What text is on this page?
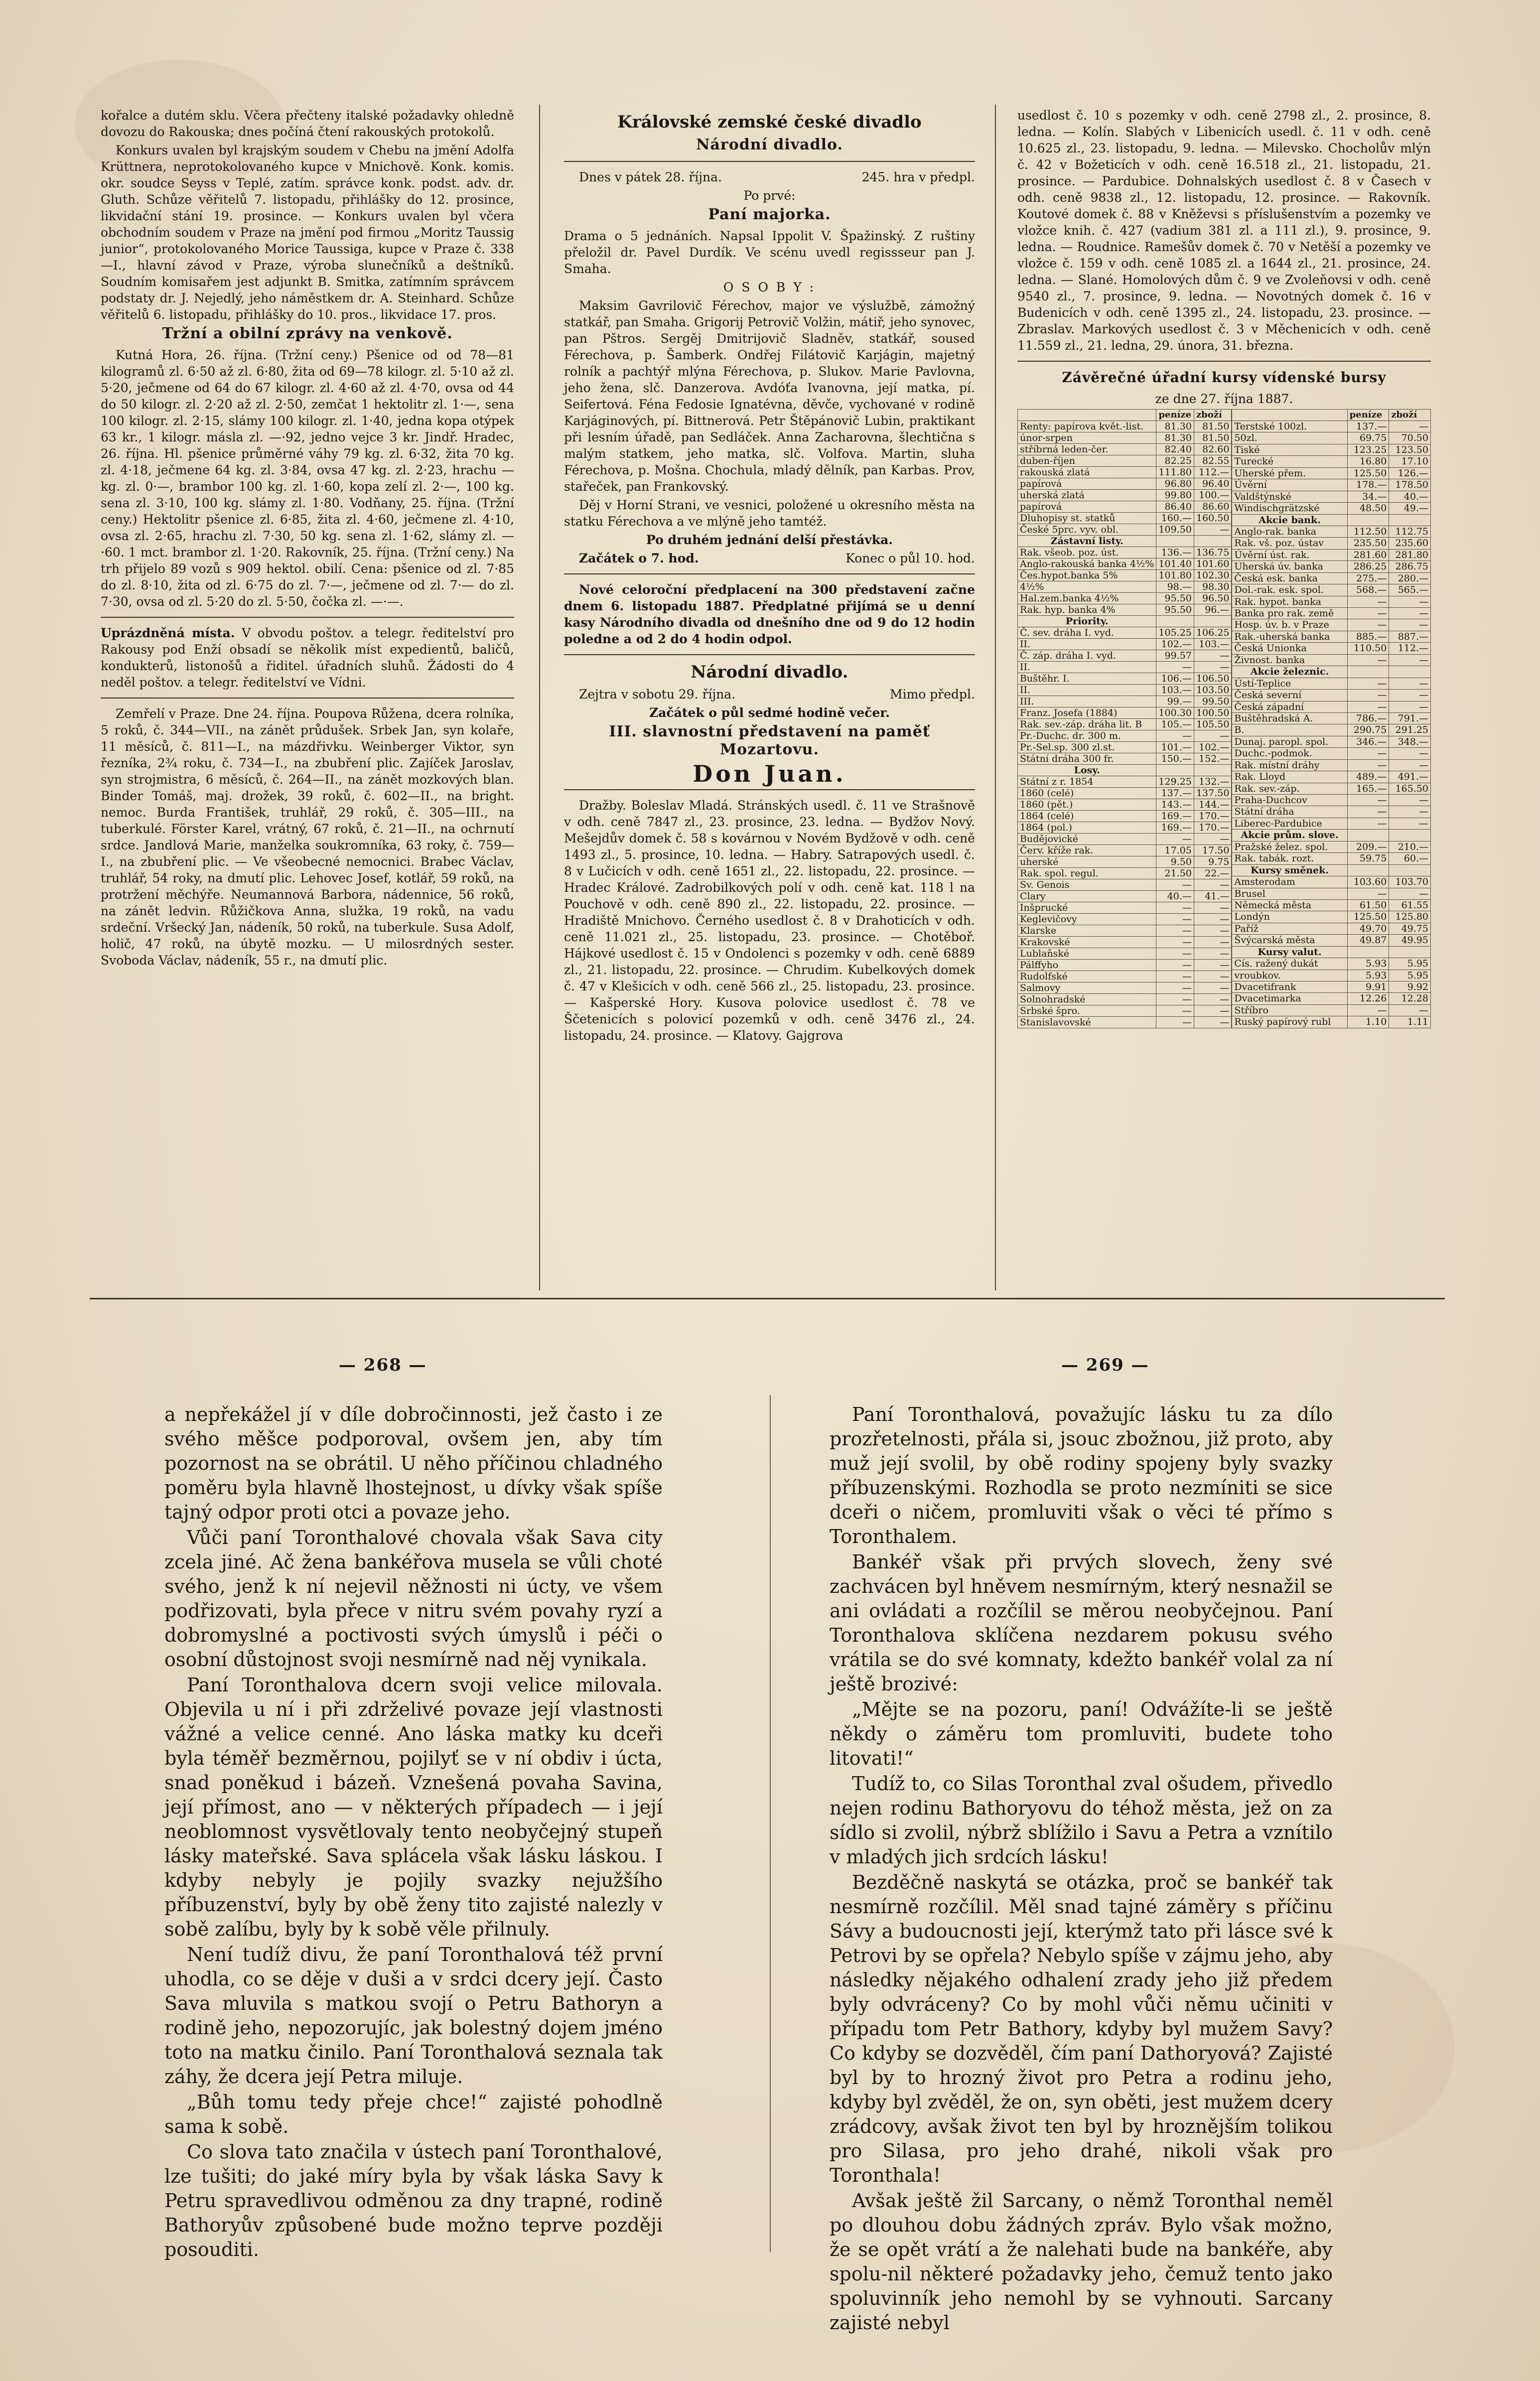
kořalce a dutém sklu. Včera přečteny italské požadavky ohledně dovozu do Rakouska; dnes počíná čtení rakouských protokolů.

Konkurs uvalen byl krajským soudem v Chebu na jmění Adolfa Krüttnera, neprotokolovaného kupce v Mnichově. Konk. komis. okr. soudce Seyss v Teplé, zatím. správce konk. podst. adv. dr. Gluth. Schůze věřitelů 7. listopadu, přihlášky do 12. prosince, likvidační stání 19. prosince. — Konkurs uvalen byl včera obchodním soudem v Praze na jmění pod firmou „Moritz Taussig junior“, protokolovaného Morice Taussiga, kupce v Praze č. 338—I., hlavní závod v Praze, výroba slunečníků a deštníků. Soudním komisařem jest adjunkt B. Smitka, zatímním správcem podstaty dr. J. Nejedlý, jeho náměstkem dr. A. Steinhard. Schůze věřitelů 6. listopadu, přihlášky do 10. pros., likvidace 17. pros.

Tržní a obilní zprávy na venkově.

Kutná Hora, 26. října. (Tržní ceny.) Pšenice od od 78—81 kilogramů zl. 6·50 až zl. 6·80, žita od 69—78 kilogr. zl. 5·10 až zl. 5·20, ječmene od 64 do 67 kilogr. zl. 4·60 až zl. 4·70, ovsa od 44 do 50 kilogr. zl. 2·20 až zl. 2·50, zemčat 1 hektolitr zl. 1·—, sena 100 kilogr. zl. 2·15, slámy 100 kilogr. zl. 1·40, jedna kopa otýpek 63 kr., 1 kilogr. másla zl. —·92, jedno vejce 3 kr. Jindř. Hradec, 26. října. Hl. pšenice průměrné váhy 79 kg. zl. 6·32, žita 70 kg. zl. 4·18, ječmene 64 kg. zl. 3·84, ovsa 47 kg. zl. 2·23, hrachu — kg. zl. 0·—, brambor 100 kg. zl. 1·60, kopa zelí zl. 2·—, 100 kg. sena zl. 3·10, 100 kg. slámy zl. 1·80. Vodňany, 25. října. (Tržní ceny.) Hektolitr pšenice zl. 6·85, žita zl. 4·60, ječmene zl. 4·10, ovsa zl. 2·65, hrachu zl. 7·30, 50 kg. sena zl. 1·62, slámy zl. —·60. 1 mct. brambor zl. 1·20. Rakovník, 25. října. (Tržní ceny.) Na trh přijelo 89 vozů s 909 hektol. obilí. Cena: pšenice od zl. 7·85 do zl. 8·10, žita od zl. 6·75 do zl. 7·—, ječmene od zl. 7·— do zl. 7·30, ovsa od zl. 5·20 do zl. 5·50, čočka zl. —·—.

Uprázdněná místa. V obvodu poštov. a telegr. ředitelství pro Rakousy pod Enží obsadí se několik míst expedientů, baličů, kondukterů, listonošů a řiditel. úřadních sluhů. Žádosti do 4 neděl poštov. a telegr. ředitelství ve Vídni.

Zemřelí v Praze. Dne 24. října. Poupova Růžena, dcera rolníka, 5 roků, č. 344—VII., na zánět průdušek. Srbek Jan, syn kolaře, 11 měsíců, č. 811—I., na mázdřivku. Weinberger Viktor, syn řezníka, 2¾ roku, č. 734—I., na zbubření plic. Zajíček Jaroslav, syn strojmistra, 6 měsíců, č. 264—II., na zánět mozkových blan. Binder Tomáš, maj. drožek, 39 roků, č. 602—II., na bright. nemoc. Burda František, truhlář, 29 roků, č. 305—III., na tuberkulé. Förster Karel, vrátný, 67 roků, č. 21—II., na ochrnutí srdce. Jandlová Marie, manželka soukromníka, 63 roky, č. 759—I., na zbubření plic. — Ve všeobecné nemocnici. Brabec Václav, truhlář, 54 roky, na dmutí plic. Lehovec Josef, kotlář, 59 roků, na protržení měchýře. Neumannová Barbora, nádennice, 56 roků, na zánět ledvin. Růžičkova Anna, služka, 19 roků, na vadu srdeční. Vršecký Jan, nádeník, 50 roků, na tuberkule. Susa Adolf, holič, 47 roků, na úbytě mozku. — U milosrdných sester. Svoboda Václav, nádeník, 55 r., na dmutí plic.

Královské zemské české divadlo
Národní divadlo.

Dnes v pátek 28. října.	245. hra v předpl.

Po prvé:

Paní majorka.

Drama o 5 jednáních. Napsal Ippolit V. Špažinský. Z ruštiny přeložil dr. Pavel Durdík. Ve scénu uvedl regissseur pan J. Smaha.

O S O B Y :

Maksim Gavrilovič Férechov, major ve výslužbě, zámožný statkář, pan Smaha. Grigorij Petrovič Volžin, mátiř, jeho synovec, pan Pštros. Sergěj Dmitrijovič Sladněv, statkář, soused Férechova, p. Šamberk. Ondřej Filátovič Karjágin, majetný rolník a pachtýř mlýna Férechova, p. Slukov. Marie Pavlovna, jeho žena, slč. Danzerova. Avdóťa Ivanovna, její matka, pí. Seifertová. Féna Fedosie Ignatévna, děvče, vychované v rodině Karjáginových, pí. Bittnerová. Petr Štěpánovič Lubin, praktikant při lesním úřadě, pan Sedláček. Anna Zacharovna, šlechtična s malým statkem, jeho matka, slč. Volfova. Martin, sluha Férechova, p. Mošna. Chochula, mladý dělník, pan Karbas. Prov, stařeček, pan Frankovský.

Děj v Horní Strani, ve vesnici, položené u okresního města na statku Férechova a ve mlýně jeho tamtéž.

Po druhém jednání delší přestávka.

Začátek o 7. hod.	Konec o půl 10. hod.

Nové celoroční předplacení na 300 představení začne dnem 6. listopadu 1887. Předplatné přijímá se u denní kasy Národního divadla od dnešního dne od 9 do 12 hodin poledne a od 2 do 4 hodin odpol.

Národní divadlo.

Zejtra v sobotu 29. října.	Mimo předpl.

Začátek o půl sedmé hodině večer.

III. slavnostní představení na paměť Mozartovu.
Don Juan.

Dražby. Boleslav Mladá. Stránských usedl. č. 11 ve Strašnově v odh. ceně 7847 zl., 23. prosince, 23. ledna. — Bydžov Nový. Mešejdův domek č. 58 s kovárnou v Novém Bydžově v odh. ceně 1493 zl., 5. prosince, 10. ledna. — Habry. Satrapových usedl. č. 8 v Lučicích v odh. ceně 1651 zl., 22. listopadu, 22. prosince. — Hradec Králové. Zadrobilkových polí v odh. ceně kat. 118 l na Pouchově v odh. ceně 890 zl., 22. listopadu, 22. prosince. — Hradiště Mnichovo. Černého usedlost č. 8 v Drahoticích v odh. ceně 11.021 zl., 25. listopadu, 23. prosince. — Chotěboř. Hájkové usedlost č. 15 v Ondolenci s pozemky v odh. ceně 6889 zl., 21. listopadu, 22. prosince. — Chrudim. Kubelkových domek č. 47 v Klešicích v odh. ceně 566 zl., 25. listopadu, 23. prosince. — Kašperské Hory. Kusova polovice usedlost č. 78 ve Ščetenicích s polovicí pozemků v odh. ceně 3476 zl., 24. listopadu, 24. prosince. — Klatovy. Gajgrova

usedlost č. 10 s pozemky v odh. ceně 2798 zl., 2. prosince, 8. ledna. — Kolín. Slabých v Libenicích usedl. č. 11 v odh. ceně 10.625 zl., 23. listopadu, 9. ledna. — Milevsko. Chocholův mlýn č. 42 v Božeticích v odh. ceně 16.518 zl., 21. listopadu, 21. prosince. — Pardubice. Dohnalských usedlost č. 8 v Časech v odh. ceně 9838 zl., 12. listopadu, 12. prosince. — Rakovník. Koutové domek č. 88 v Kněževsi s příslušenstvím a pozemky ve vložce knih. č. 427 (vadium 381 zl. a 111 zl.), 9. prosince, 9. ledna. — Roudnice. Ramešův domek č. 70 v Netěší a pozemky ve vložce č. 159 v odh. ceně 1085 zl. a 1644 zl., 21. prosince, 24. ledna. — Slané. Homolových dům č. 9 ve Zvoleňovsi v odh. ceně 9540 zl., 7. prosince, 9. ledna. — Novotných domek č. 16 v Budenicích v odh. ceně 1395 zl., 24. listopadu, 23. prosince. — Zbraslav. Markových usedlost č. 3 v Měchenicích v odh. ceně 11.559 zl., 21. ledna, 29. února, 31. března.

Závěrečné úřadní kursy vídenské bursy

ze dne 27. října 1887.

	peníze	zboží
Renty: papírova květ.-list.	81.30	81.50
únor-srpen	81.30	81.50
stříbrná leden-čer.	82.40	82.60
duben-říjen	82.25	82.55
rakouská zlatá	111.80	112.—
papírová	96.80	96.40
uherská zlatá	99.80	100.—
papírová	86.40	86.60
Dluhopisy st. statků	160.—	160.50
České 5prc. vyv. obl.	109.50	—
Zástavní listy.		
Rak. všeob. poz. úst.	136.—	136.75
Anglo-rakouská banka 4½%	101.40	101.60
Čes.hypot.banka 5%	101.80	102.30
4½%	98.—	98.30
Hal.zem.banka 4½%	95.50	96.50
Rak. hyp. banka 4%	95.50	96.—
Priority.		
Č. sev. dráha I. vyd.	105.25	106.25
II.	102.—	103.—
Č. záp. dráha I. vyd.	99.57	—
II.	—	—
Buštěhr. I.	106.—	106.50
II.	103.—	103.50
III.	99.—	99.50
Franz. Josefa (1884)	100.30	100.50
Rak. sev.-záp. dráha lit. B	105.—	105.50
Pr.-Duchc. dr. 300 m.	—	—
Pr.-Sel.sp. 300 zl.st.	101.—	102.—
Státní dráha 300 fr.	150.—	152.—
Losy.		
Státní z r. 1854	129.25	132.—
1860 (celé)	137.—	137.50
1860 (pět.)	143.—	144.—
1864 (celé)	169.—	170.—
1864 (pol.)	169.—	170.—
Budějovické	—	—
Červ. kříže rak.	17.05	17.50
uherské	9.50	9.75
Rak. spol. regul.	21.50	22.—
Sv. Genois	—	—
Clary	40.—	41.—
Inšprucké	—	—
Keglevičovy	—	—
Klarske	—	—
Krakovské	—	—
Lublaňské	—	—
Pálffyho	—	—
Rudolfské	—	—
Salmovy	—	—
Solnohradské	—	—
Srbské špro.	—	—
Stanislavovské	—	—
	peníze	zboží
Terstské 100zl.	137.—	—
50zl.	69.75	70.50
Tiské	123.25	123.50
Turecké	16.80	17.10
Uherské přem.	125.50	126.—
Úvěrní	178.—	178.50
Valdštýnské	34.—	40.—
Windischgrätzské	48.50	49.—
Akcie bank.		
Anglo-rak. banka	112.50	112.75
Rak. vš. poz. ústav	235.50	235.60
Úvěrní úst. rak.	281.60	281.80
Uherská úv. banka	286.25	286.75
Česká esk. banka	275.—	280.—
Dol.-rak. esk. spol.	568.—	565.—
Rak. hypot. banka	—	—
Banka pro rak. země	—	—
Hosp. úv. b. v Praze	—	—
Rak.-uherská banka	885.—	887.—
Česká Unionka	110.50	112.—
Živnost. banka	—	—
Akcie železnic.		
Ústí-Teplice	—	—
Česká severní	—	—
Česká západní	—	—
Buštěhradská A.	786.—	791.—
B.	290.75	291.25
Dunaj. paropl. spol.	346.—	348.—
Duchc.-podmok.	—	—
Rak. místní dráhy	—	—
Rak. Lloyd	489.—	491.—
Rak. sev.-záp.	165.—	165.50
Praha-Duchcov	—	—
Státní dráha	—	—
Liberec-Pardubice	—	—
Akcie prům. slove.		
Pražské želez. spol.	209.—	210.—
Rak. tabák. rozt.	59.75	60.—
Kursy směnek.		
Amsterodam	103.60	103.70
Brusel	—	—
Německá města	61.50	61.55
Londýn	125.50	125.80
Paříž	49.70	49.75
Švýcarská města	49.87	49.95
Kursy valut.		
Cís. ražený dukát	5.93	5.95
vroubkov.	5.93	5.95
Dvacetifrank	9.91	9.92
Dvacetimarka	12.26	12.28
Stříbro	—	—
Ruský papírový rubl	1.10	1.11
— 268 —	— 269 —

a nepřekážel jí v díle dobročinnosti, jež často i ze svého měšce podporoval, ovšem jen, aby tím pozornost na se obrátil. U něho příčinou chladného poměru byla hlavně lhostejnost, u dívky však spíše tajný odpor proti otci a povaze jeho.

Vůči paní Toronthalové chovala však Sava city zcela jiné. Ač žena bankéřova musela se vůli choté svého, jenž k ní nejevil něžnosti ni úcty, ve všem podřizovati, byla přece v nitru svém povahy ryzí a dobromyslné a poctivosti svých úmyslů i péči o osobní důstojnost svoji nesmírně nad něj vynikala.

Paní Toronthalova dcern svoji velice milovala. Objevila u ní i při zdrželivé povaze její vlastnosti vážné a velice cenné. Ano láska matky ku dceři byla téměř bezměrnou, pojilyť se v ní obdiv i úcta, snad poněkud i bázeň. Vznešená povaha Savina, její přímost, ano — v některých případech — i její neoblomnost vysvětlovaly tento neobyčejný stupeň lásky mateřské. Sava splácela však lásku láskou. I kdyby nebyly je pojily svazky nejužšího příbuzenství, byly by obě ženy tito zajisté nalezly v sobě zalíbu, byly by k sobě věle přilnuly.

Není tudíž divu, že paní Toronthalová též první uhodla, co se děje v duši a v srdci dcery její. Často Sava mluvila s matkou svojí o Petru Bathoryn a rodině jeho, nepozorujíc, jak bolestný dojem jméno toto na matku činilo. Paní Toronthalová seznala tak záhy, že dcera její Petra miluje.

„Bůh tomu tedy přeje chce!“ zajisté pohodlně sama k sobě.

Co slova tato značila v ústech paní Toronthalové, lze tušiti; do jaké míry byla by však láska Savy k Petru spravedlivou odměnou za dny trapné, rodině Bathoryův způsobené bude možno teprve později posouditi.

Paní Toronthalová, považujíc lásku tu za dílo prozřetelnosti, přála si, jsouc zbožnou, již proto, aby muž její svolil, by obě rodiny spojeny byly svazky příbuzenskými. Rozhodla se proto nezmíniti se sice dceři o ničem, promluviti však o věci té přímo s Toronthalem.

Bankéř však při prvých slovech, ženy své zachvácen byl hněvem nesmírným, který nesnažil se ani ovládati a rozčílil se měrou neobyčejnou. Paní Toronthalova sklíčena nezdarem pokusu svého vrátila se do své komnaty, kdežto bankéř volal za ní ještě brozivé:

„Mějte se na pozoru, paní! Odvážíte-li se ještě někdy o záměru tom promluviti, budete toho litovati!“

Tudíž to, co Silas Toronthal zval ošudem, přivedlo nejen rodinu Bathoryovu do téhož města, jež on za sídlo si zvolil, nýbrž sblížilo i Savu a Petra a vznítilo v mladých jich srdcích lásku!

Bezděčně naskytá se otázka, proč se bankéř tak nesmírně rozčílil. Měl snad tajné záměry s příčinu Sávy a budoucnosti její, kterýmž tato při lásce své k Petrovi by se opřela? Nebylo spíše v zájmu jeho, aby následky nějakého odhalení zrady jeho již předem byly odvráceny? Co by mohl vůči němu učiniti v případu tom Petr Bathory, kdyby byl mužem Savy? Co kdyby se dozvěděl, čím paní Dathoryová? Zajisté byl by to hrozný život pro Petra a rodinu jeho, kdyby byl zvěděl, že on, syn oběti, jest mužem dcery zrádcovy, avšak život ten byl by hroznějším tolikou pro Silasa, pro jeho drahé, nikoli však pro Toronthala!

Avšak ještě žil Sarcany, o němž Toronthal neměl po dlouhou dobu žádných zpráv. Bylo však možno, že se opět vrátí a že nalehati bude na bankéře, aby spolu-nil některé požadavky jeho, čemuž tento jako spoluvinník jeho nemohl by se vyhnouti. Sarcany zajisté nebyl
